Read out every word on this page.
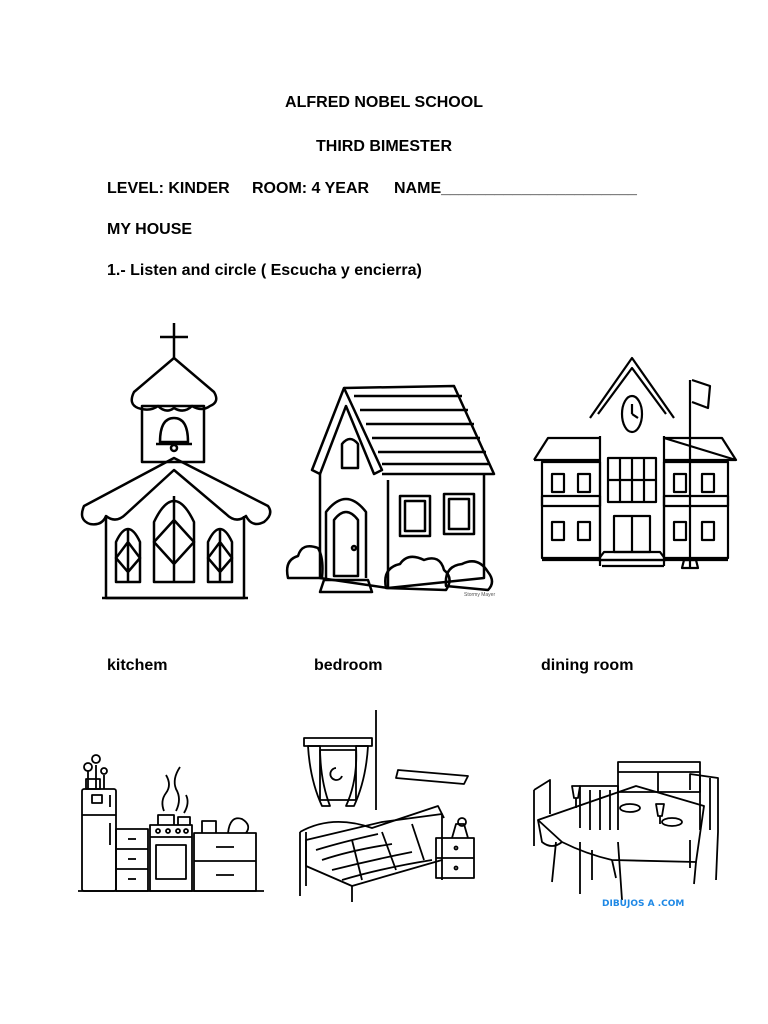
ALFRED NOBEL SCHOOL
THIRD BIMESTER
LEVEL: KINDER ROOM: 4 YEAR NAME______________________
MY HOUSE
1.- Listen and circle ( Escucha y encierra)
Stormy Mayer
kitchem	bedroom	dining room
DIBUJOS A .COM
